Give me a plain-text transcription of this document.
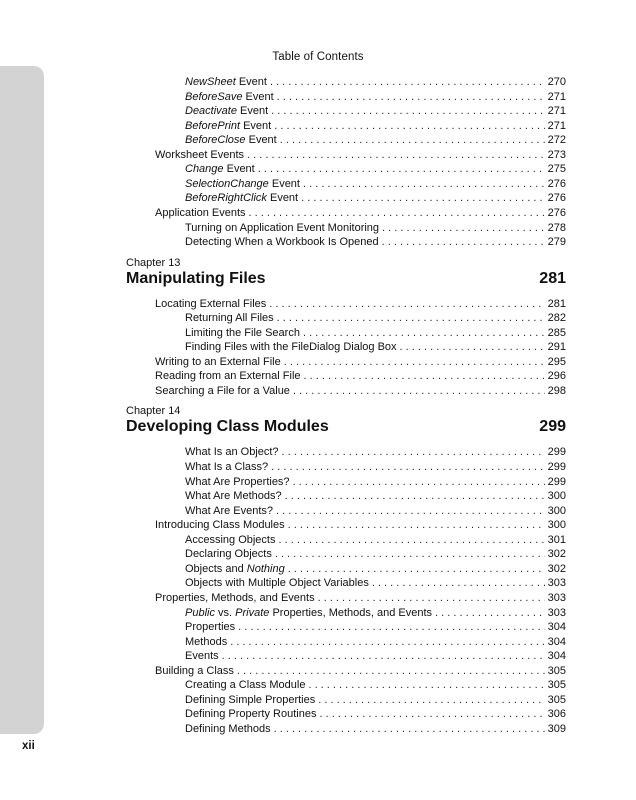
Table of Contents
NewSheet Event . . .	270
BeforeSave Event . . .	271
Deactivate Event . . .	271
BeforePrint Event . . .	271
BeforeClose Event . . .	272
Worksheet Events . . .	273
Change Event . . .	275
SelectionChange Event . . .	276
BeforeRightClick Event . . .	276
Application Events . . .	276
Turning on Application Event Monitoring . . .	278
Detecting When a Workbook Is Opened . . .	279
Chapter 13
Manipulating Files	281
Locating External Files . . .	281
Returning All Files . . .	282
Limiting the File Search . . .	285
Finding Files with the FileDialog Dialog Box . . .	291
Writing to an External File . . .	295
Reading from an External File . . .	296
Searching a File for a Value . . .	298
Chapter 14
Developing Class Modules	299
What Is an Object? . . .	299
What Is a Class? . . .	299
What Are Properties? . . .	299
What Are Methods? . . .	300
What Are Events? . . .	300
Introducing Class Modules . . .	300
Accessing Objects . . .	301
Declaring Objects . . .	302
Objects and Nothing . . .	302
Objects with Multiple Object Variables . . .	303
Properties, Methods, and Events . . .	303
Public vs. Private Properties, Methods, and Events . . .	303
Properties . . .	304
Methods . . .	304
Events . . .	304
Building a Class . . .	305
Creating a Class Module . . .	305
Defining Simple Properties . . .	305
Defining Property Routines . . .	306
Defining Methods . . .	309
xii
